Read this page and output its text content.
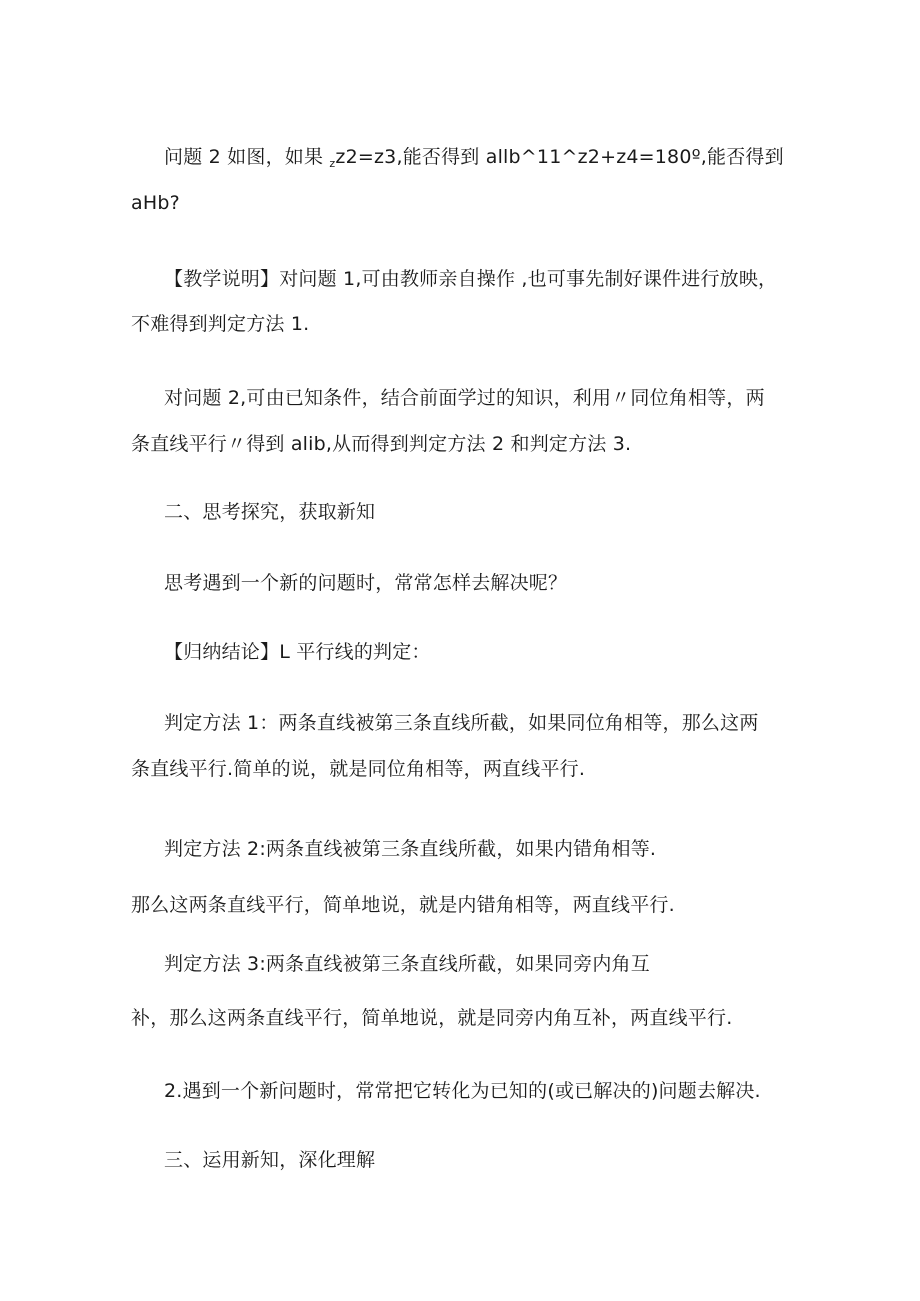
问题 2 如图，如果 $_z$z2=z3,能否得到 allb^11^z2+z4=180º,能否得到
aHb?
【教学说明】对问题 1,可由教师亲自操作 ,也可事先制好课件进行放映，
不难得到判定方法 1.
对问题 2,可由已知条件，结合前面学过的知识，利用〃同位角相等，两
条直线平行〃得到 alib,从而得到判定方法 2 和判定方法 3.
二、思考探究，获取新知
思考遇到一个新的问题时，常常怎样去解决呢？
【归纳结论】L 平行线的判定：
判定方法 1：两条直线被第三条直线所截，如果同位角相等，那么这两
条直线平行.简单的说，就是同位角相等，两直线平行.
判定方法 2:两条直线被第三条直线所截，如果内错角相等.
那么这两条直线平行，简单地说，就是内错角相等，两直线平行.
判定方法 3:两条直线被第三条直线所截，如果同旁内角互
补，那么这两条直线平行，简单地说，就是同旁内角互补，两直线平行.
2.遇到一个新问题时，常常把它转化为已知的(或已解决的)问题去解决.
三、运用新知，深化理解
